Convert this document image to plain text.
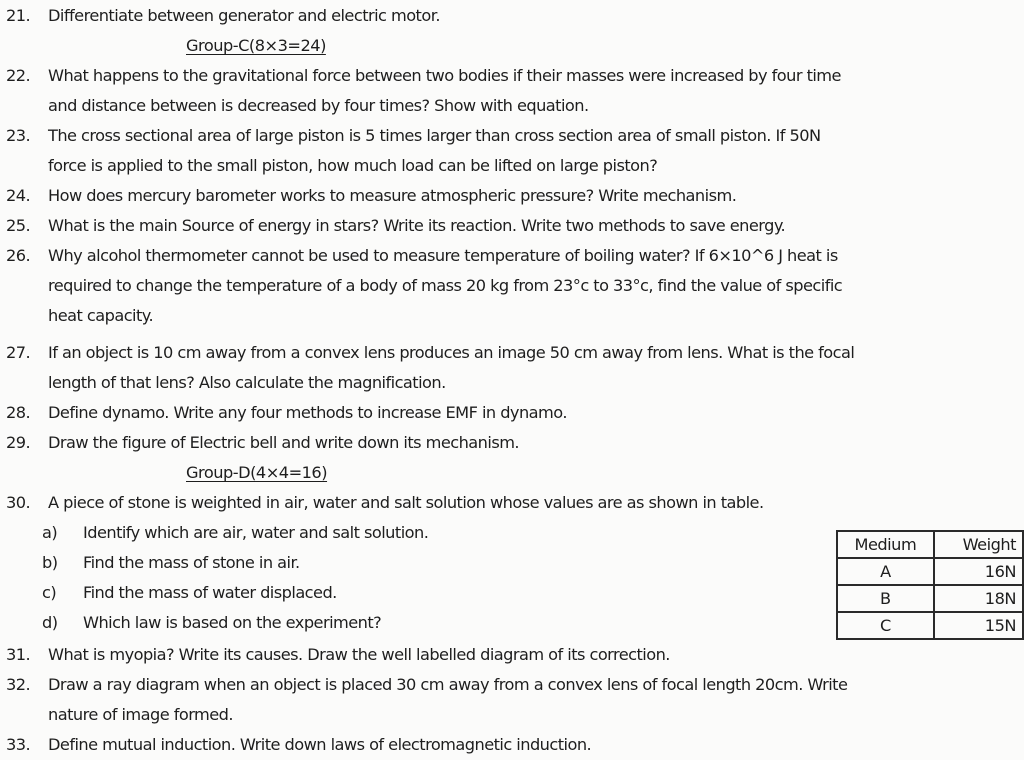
21. Differentiate between generator and electric motor.
Group-C(8×3=24)
22. What happens to the gravitational force between two bodies if their masses were increased by four time
and distance between is decreased by four times? Show with equation.
23. The cross sectional area of large piston is 5 times larger than cross section area of small piston. If 50N
force is applied to the small piston, how much load can be lifted on large piston?
24. How does mercury barometer works to measure atmospheric pressure? Write mechanism.
25. What is the main Source of energy in stars? Write its reaction. Write two methods to save energy.
26. Why alcohol thermometer cannot be used to measure temperature of boiling water? If 6×10^6 J heat is
required to change the temperature of a body of mass 20 kg from 23°c to 33°c, find the value of specific
heat capacity.
27. If an object is 10 cm away from a convex lens produces an image 50 cm away from lens. What is the focal
length of that lens? Also calculate the magnification.
28. Define dynamo. Write any four methods to increase EMF in dynamo.
29. Draw the figure of Electric bell and write down its mechanism.
Group-D(4×4=16)
30. A piece of stone is weighted in air, water and salt solution whose values are as shown in table.
a) Identify which are air, water and salt solution.
b) Find the mass of stone in air.
c) Find the mass of water displaced.
d) Which law is based on the experiment?
Medium	Weight
A	16N
B	18N
C	15N
31. What is myopia? Write its causes. Draw the well labelled diagram of its correction.
32. Draw a ray diagram when an object is placed 30 cm away from a convex lens of focal length 20cm. Write
nature of image formed.
33. Define mutual induction. Write down laws of electromagnetic induction.
